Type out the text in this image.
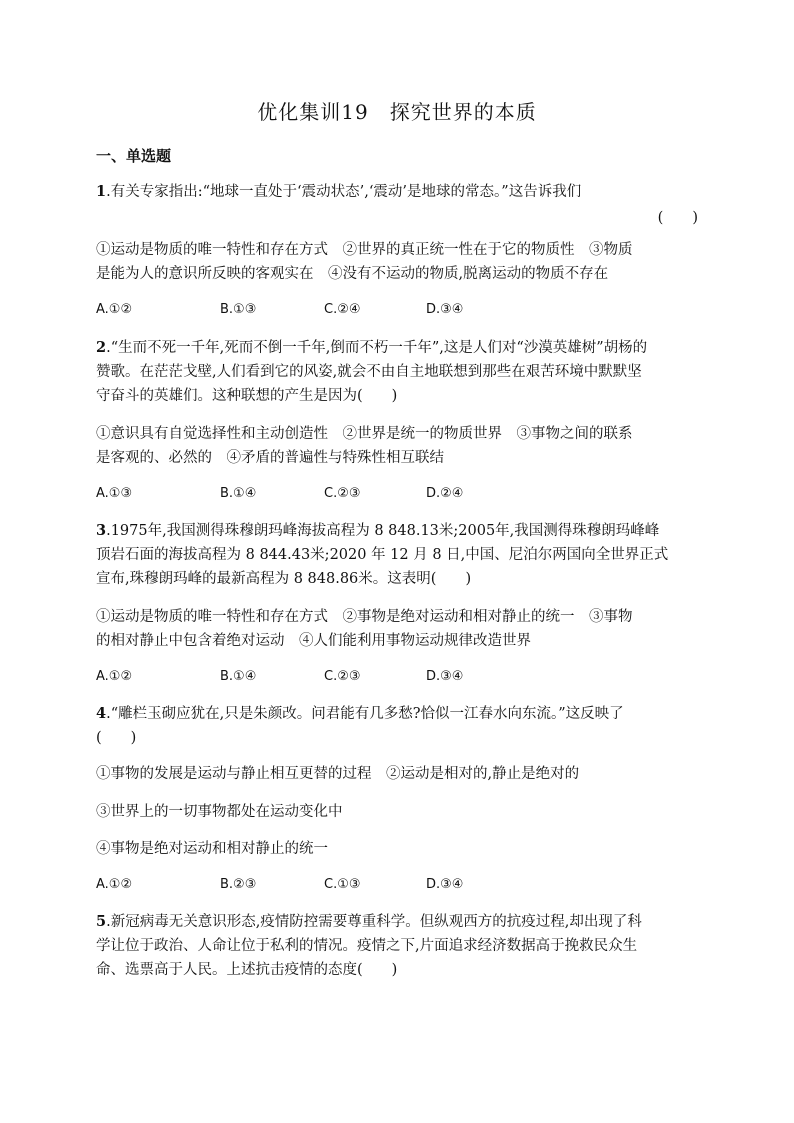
优化集训19　探究世界的本质
一、单选题
1.有关专家指出:“地球一直处于‘震动状态’,‘震动’是地球的常态。”这告诉我们
(　　)
①运动是物质的唯一特性和存在方式　②世界的真正统一性在于它的物质性　③物质
是能为人的意识所反映的客观实在　④没有不运动的物质,脱离运动的物质不存在
A.①②	B.①③	C.②④	D.③④
2.“生而不死一千年,死而不倒一千年,倒而不朽一千年”,这是人们对“沙漠英雄树”胡杨的
赞歌。在茫茫戈壁,人们看到它的风姿,就会不由自主地联想到那些在艰苦环境中默默坚
守奋斗的英雄们。这种联想的产生是因为(　　)
①意识具有自觉选择性和主动创造性　②世界是统一的物质世界　③事物之间的联系
是客观的、必然的　④矛盾的普遍性与特殊性相互联结
A.①③	B.①④	C.②③	D.②④
3.1975年,我国测得珠穆朗玛峰海拔高程为 8 848.13米;2005年,我国测得珠穆朗玛峰峰
顶岩石面的海拔高程为 8 844.43米;2020 年 12 月 8 日,中国、尼泊尔两国向全世界正式
宣布,珠穆朗玛峰的最新高程为 8 848.86米。这表明(　　)
①运动是物质的唯一特性和存在方式　②事物是绝对运动和相对静止的统一　③事物
的相对静止中包含着绝对运动　④人们能利用事物运动规律改造世界
A.①②	B.①④	C.②③	D.③④
4.“雕栏玉砌应犹在,只是朱颜改。问君能有几多愁?恰似一江春水向东流。”这反映了
(　　)
①事物的发展是运动与静止相互更替的过程　②运动是相对的,静止是绝对的
③世界上的一切事物都处在运动变化中
④事物是绝对运动和相对静止的统一
A.①②	B.②③	C.①③	D.③④
5.新冠病毒无关意识形态,疫情防控需要尊重科学。但纵观西方的抗疫过程,却出现了科
学让位于政治、人命让位于私利的情况。疫情之下,片面追求经济数据高于挽救民众生
命、选票高于人民。上述抗击疫情的态度(　　)
